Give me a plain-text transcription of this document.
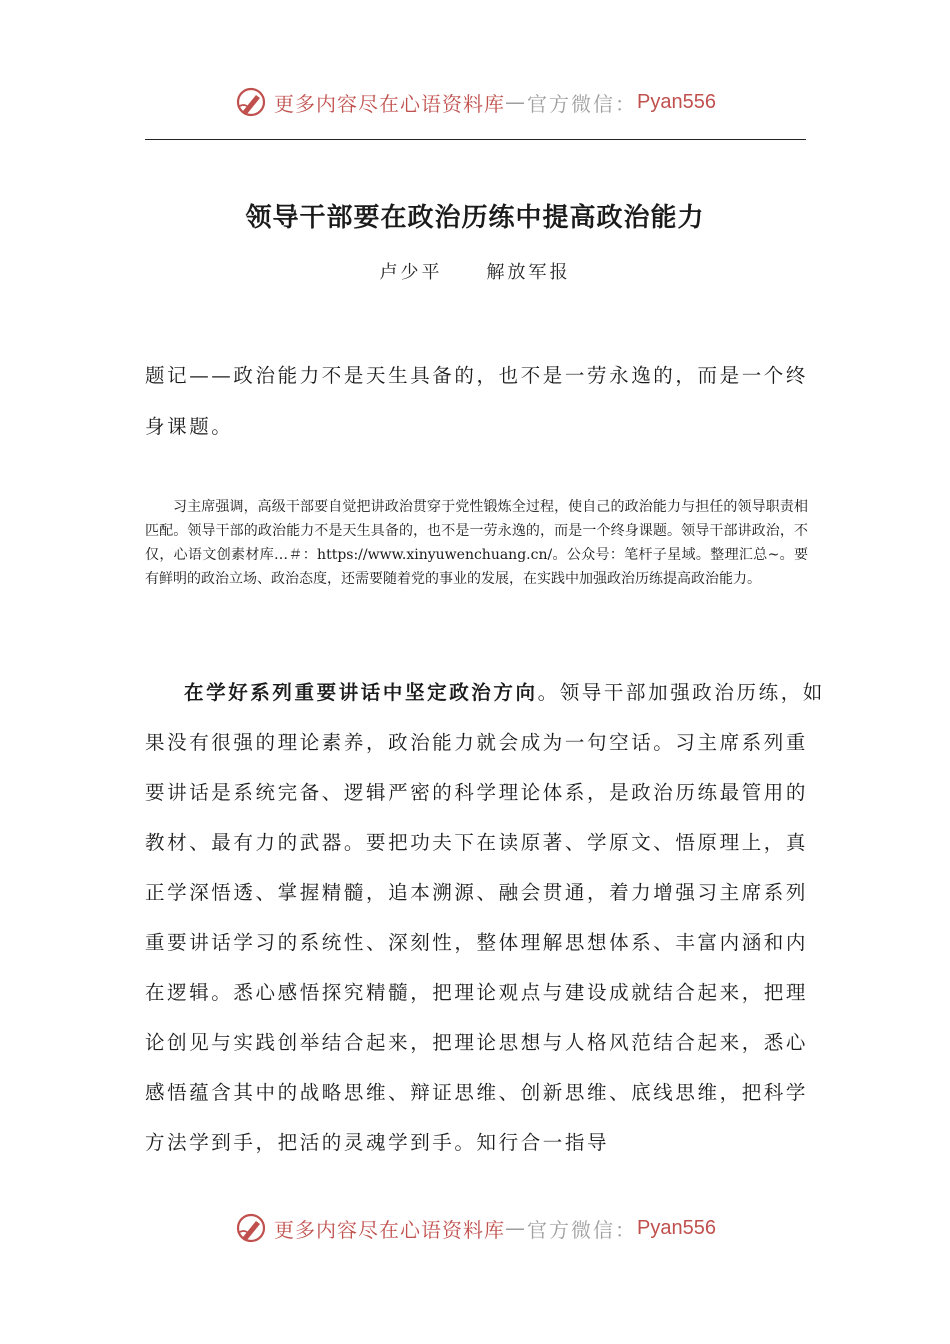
更多内容尽在心语资料库 — 官方微信： Pyan556
领导干部要在政治历练中提高政治能力
卢少平 解放军报
题记——政治能力不是天生具备的，也不是一劳永逸的，而是一个终身课题。
习主席强调，高级干部要自觉把讲政治贯穿于党性锻炼全过程，使自己的政治能力与担任的领导职责相匹配。领导干部的政治能力不是天生具备的，也不是一劳永逸的，而是一个终身课题。领导干部讲政治，不仅，心语文创素材库…＃：https://www.xinyuwenchuang.cn/。公众号：笔杆子星域。整理汇总~。要有鲜明的政治立场、政治态度，还需要随着党的事业的发展，在实践中加强政治历练提高政治能力。

在学好系列重要讲话中坚定政治方向。领导干部加强政治历练，如果没有很强的理论素养，政治能力就会成为一句空话。习主席系列重要讲话是系统完备、逻辑严密的科学理论体系，是政治历练最管用的教材、最有力的武器。要把功夫下在读原著、学原文、悟原理上，真正学深悟透、掌握精髓，追本溯源、融会贯通，着力增强习主席系列重要讲话学习的系统性、深刻性，整体理解思想体系、丰富内涵和内在逻辑。悉心感悟探究精髓，把理论观点与建设成就结合起来，把理论创见与实践创举结合起来，把理论思想与人格风范结合起来，悉心感悟蕴含其中的战略思维、辩证思维、创新思维、底线思维，把科学方法学到手，把活的灵魂学到手。知行合一指导

更多内容尽在心语资料库 — 官方微信： Pyan556
